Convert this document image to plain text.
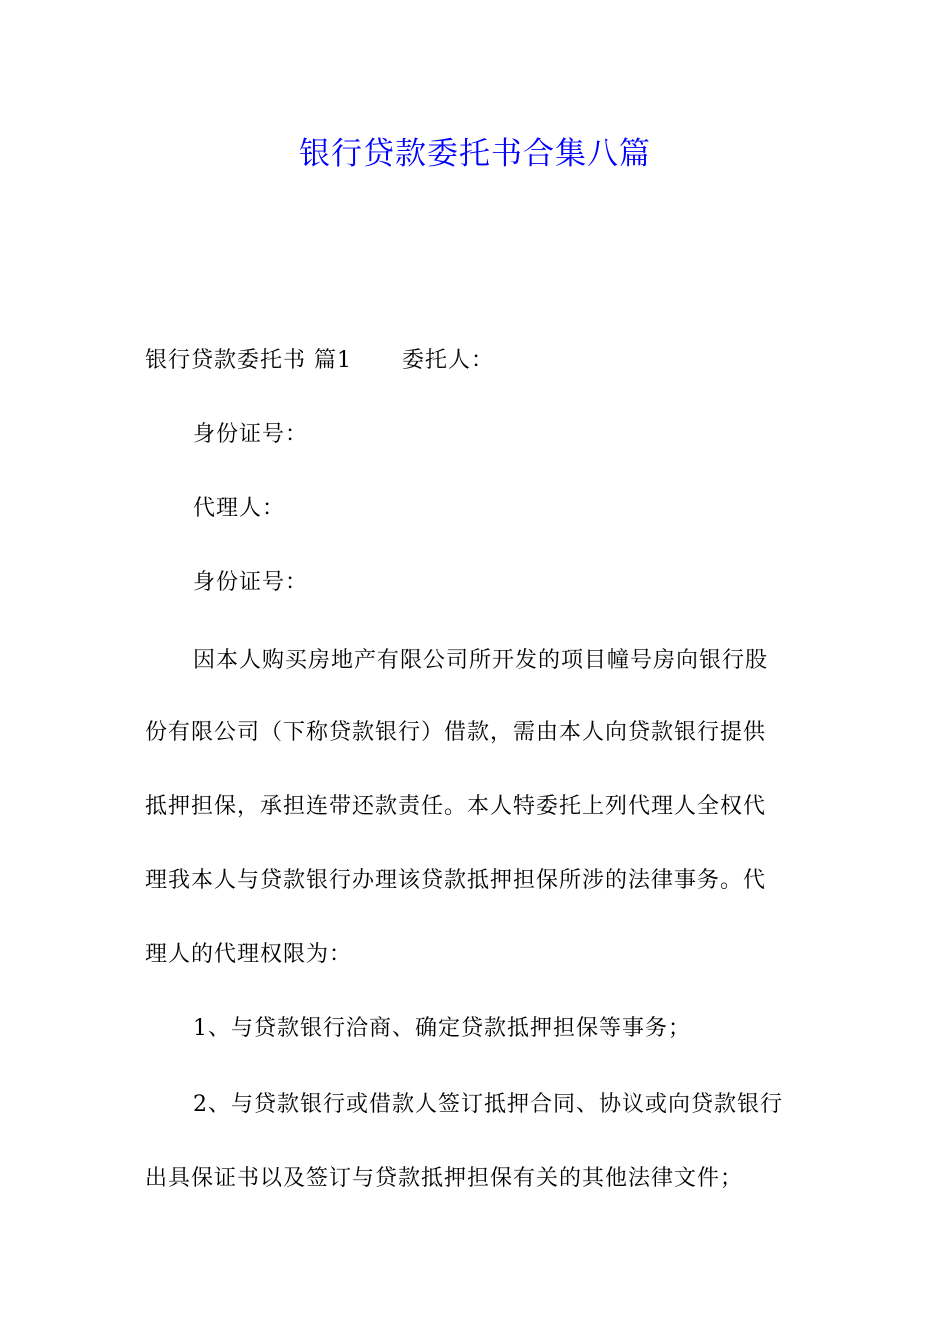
银行贷款委托书合集八篇

银行贷款委托书 篇1 委托人：

身份证号：

代理人：

身份证号：

因本人购买房地产有限公司所开发的项目幢号房向银行股

份有限公司（下称贷款银行）借款，需由本人向贷款银行提供

抵押担保，承担连带还款责任。本人特委托上列代理人全权代

理我本人与贷款银行办理该贷款抵押担保所涉的法律事务。代

理人的代理权限为：

1、与贷款银行洽商、确定贷款抵押担保等事务；

2、与贷款银行或借款人签订抵押合同、协议或向贷款银行

出具保证书以及签订与贷款抵押担保有关的其他法律文件；
